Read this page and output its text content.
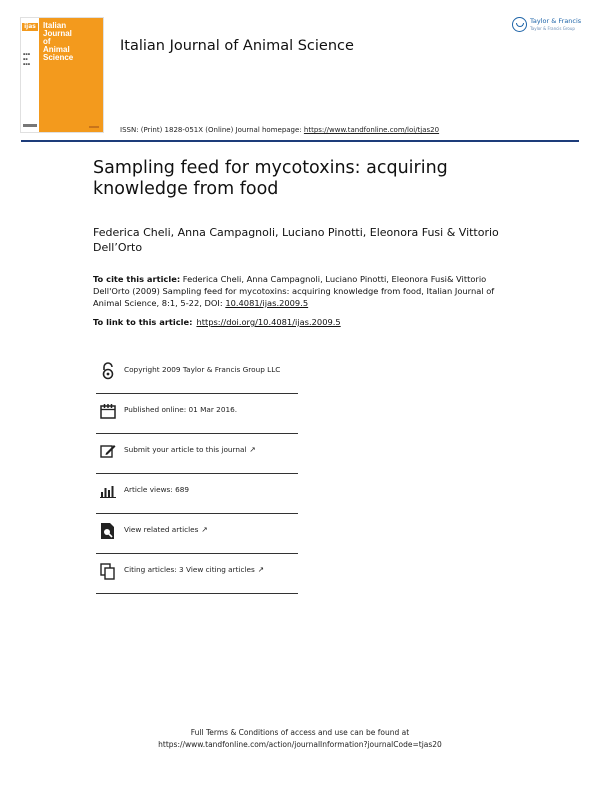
ijas
▪▪▪
▪▪
▪▪▪
Italian
Journal
of
Animal
Science
Italian Journal of Animal Science
Taylor & Francis
Taylor & Francis Group
ISSN: (Print) 1828-051X (Online) Journal homepage: https://www.tandfonline.com/loi/tjas20
Sampling feed for mycotoxins: acquiring knowledge from food
Federica Cheli, Anna Campagnoli, Luciano Pinotti, Eleonora Fusi & Vittorio Dell’Orto
To cite this article: Federica Cheli, Anna Campagnoli, Luciano Pinotti, Eleonora Fusi& Vittorio Dell'Orto (2009) Sampling feed for mycotoxins: acquiring knowledge from food, Italian Journal of Animal Science, 8:1, 5-22, DOI: 10.4081/ijas.2009.5
To link to this article: https://doi.org/10.4081/ijas.2009.5
Copyright 2009 Taylor & Francis Group LLC
Published online: 01 Mar 2016.
Submit your article to this journal ↗
Article views: 689
View related articles ↗
Citing articles: 3 View citing articles ↗
Full Terms & Conditions of access and use can be found at
https://www.tandfonline.com/action/journalInformation?journalCode=tjas20
